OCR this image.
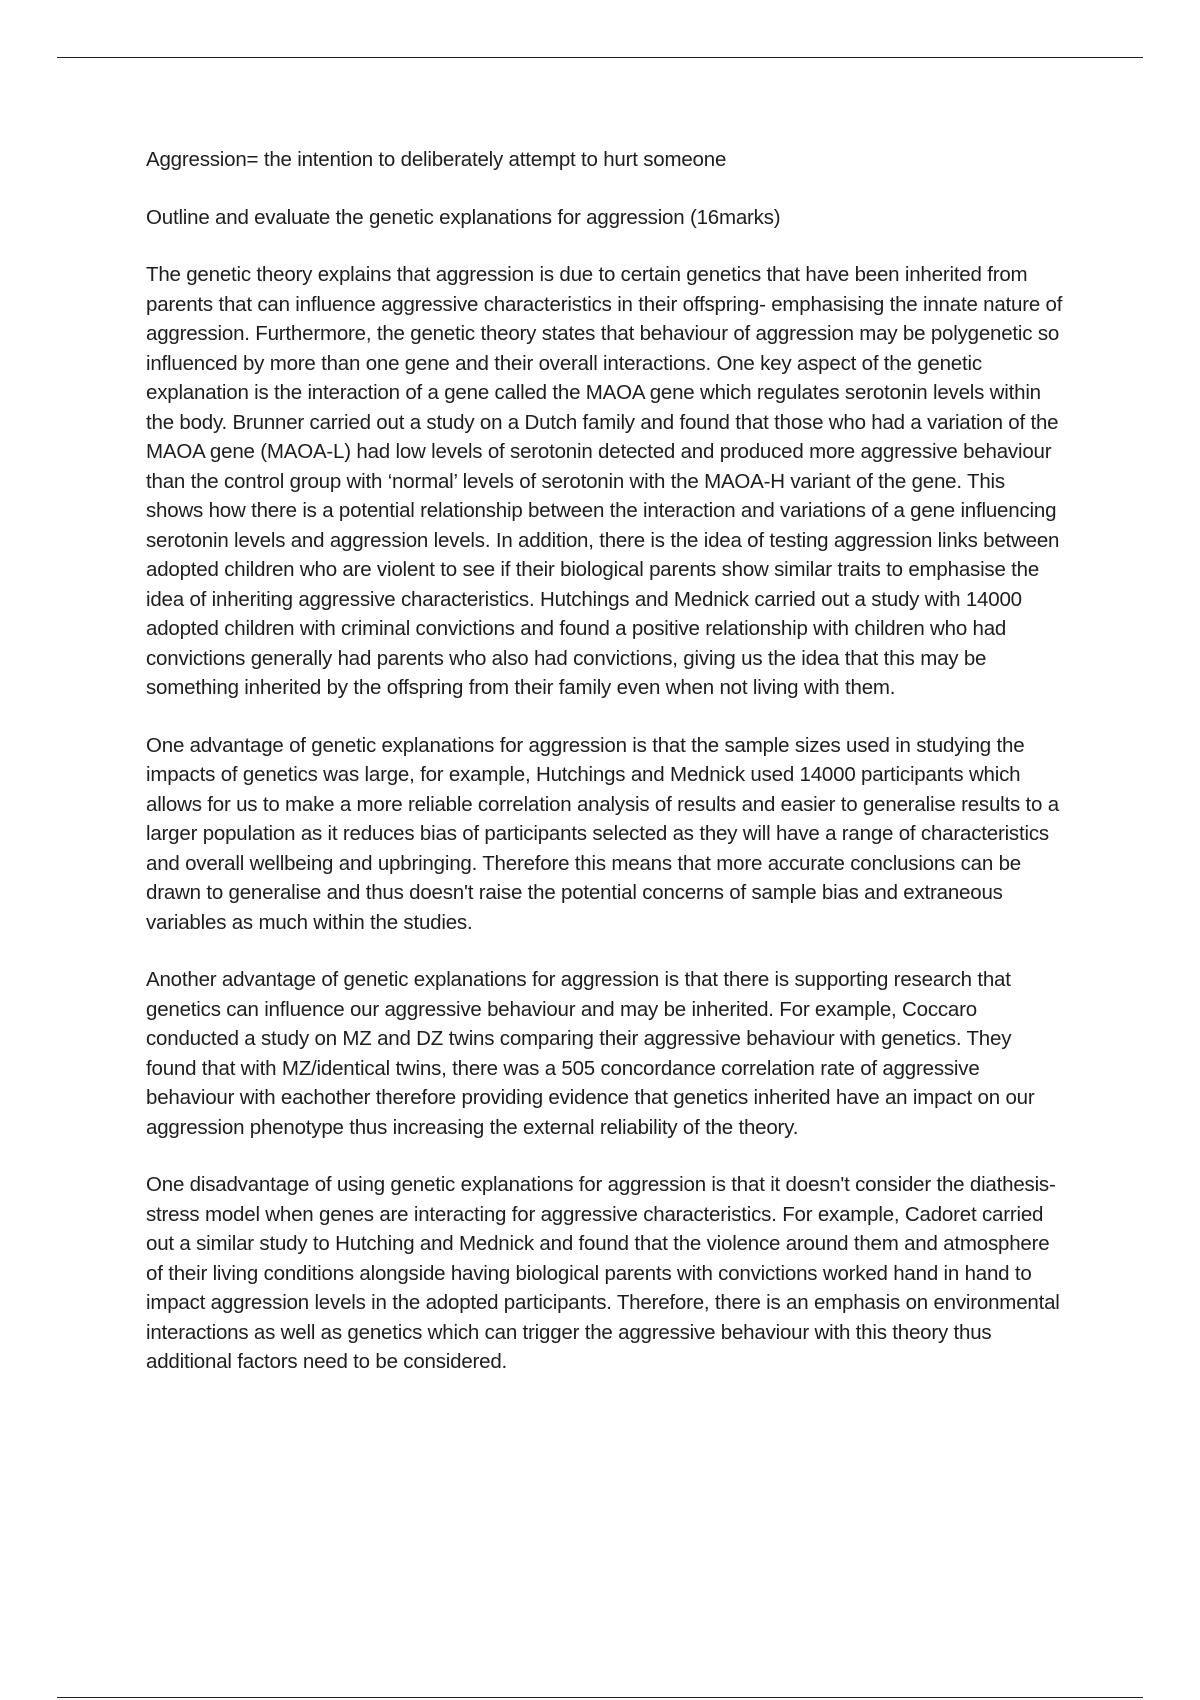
Aggression= the intention to deliberately attempt to hurt someone

Outline and evaluate the genetic explanations for aggression (16marks)

The genetic theory explains that aggression is due to certain genetics that have been inherited from parents that can influence aggressive characteristics in their offspring- emphasising the innate nature of aggression. Furthermore, the genetic theory states that behaviour of aggression may be polygenetic so influenced by more than one gene and their overall interactions. One key aspect of the genetic explanation is the interaction of a gene called the MAOA gene which regulates serotonin levels within the body. Brunner carried out a study on a Dutch family and found that those who had a variation of the MAOA gene (MAOA-L) had low levels of serotonin detected and produced more aggressive behaviour than the control group with ‘normal’ levels of serotonin with the MAOA-H variant of the gene. This shows how there is a potential relationship between the interaction and variations of a gene influencing serotonin levels and aggression levels. In addition, there is the idea of testing aggression links between adopted children who are violent to see if their biological parents show similar traits to emphasise the idea of inheriting aggressive characteristics. Hutchings and Mednick carried out a study with 14000 adopted children with criminal convictions and found a positive relationship with children who had convictions generally had parents who also had convictions, giving us the idea that this may be something inherited by the offspring from their family even when not living with them.

One advantage of genetic explanations for aggression is that the sample sizes used in studying the impacts of genetics was large, for example, Hutchings and Mednick used 14000 participants which allows for us to make a more reliable correlation analysis of results and easier to generalise results to a larger population as it reduces bias of participants selected as they will have a range of characteristics and overall wellbeing and upbringing. Therefore this means that more accurate conclusions can be drawn to generalise and thus doesn't raise the potential concerns of sample bias and extraneous variables as much within the studies.

Another advantage of genetic explanations for aggression is that there is supporting research that genetics can influence our aggressive behaviour and may be inherited. For example, Coccaro conducted a study on MZ and DZ twins comparing their aggressive behaviour with genetics. They found that with MZ/identical twins, there was a 505 concordance correlation rate of aggressive behaviour with eachother therefore providing evidence that genetics inherited have an impact on our aggression phenotype thus increasing the external reliability of the theory.

One disadvantage of using genetic explanations for aggression is that it doesn't consider the diathesis-stress model when genes are interacting for aggressive characteristics. For example, Cadoret carried out a similar study to Hutching and Mednick and found that the violence around them and atmosphere of their living conditions alongside having biological parents with convictions worked hand in hand to impact aggression levels in the adopted participants. Therefore, there is an emphasis on environmental interactions as well as genetics which can trigger the aggressive behaviour with this theory thus additional factors need to be considered.
